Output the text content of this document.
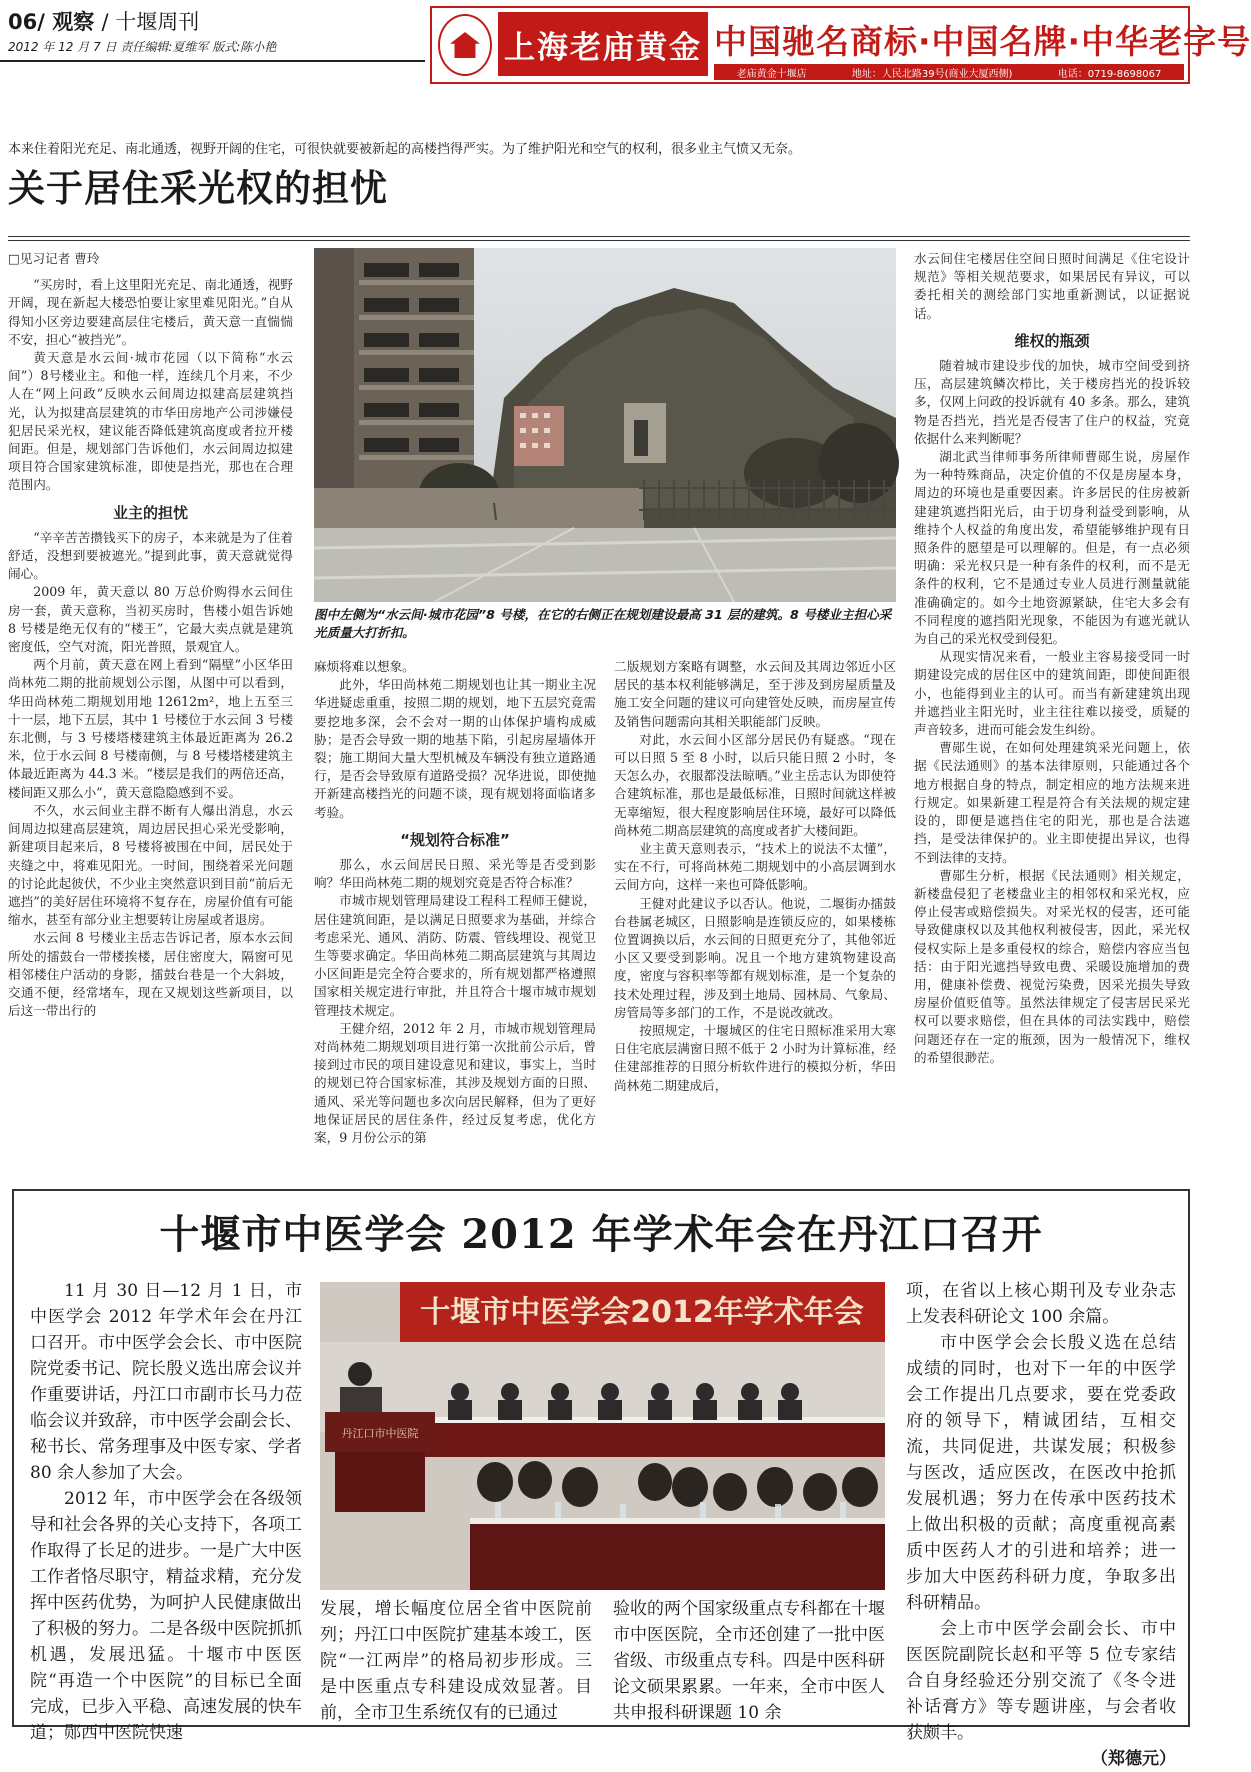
06/ 观察 / 十堰周刊
2012 年 12 月 7 日 责任编辑:夏维军 版式:陈小艳	上海老庙黄金 中国驰名商标·中国名牌·中华老字号
老庙黄金十堰店	地址：人民北路39号(商业大厦西侧)	电话：0719-8698067
本来住着阳光充足、南北通透，视野开阔的住宅，可很快就要被新起的高楼挡得严实。为了维护阳光和空气的权利，很多业主气愤又无奈。
关于居住采光权的担忧
□见习记者 曹玲

“买房时，看上这里阳光充足、南北通透，视野开阔，现在新起大楼恐怕要让家里难见阳光。”自从得知小区旁边要建高层住宅楼后，黄天意一直惴惴不安，担心“被挡光”。

黄天意是水云间·城市花园（以下简称“水云间”）8号楼业主。和他一样，连续几个月来，不少人在“网上问政”反映水云间周边拟建高层建筑挡光，认为拟建高层建筑的市华田房地产公司涉嫌侵犯居民采光权，建议能否降低建筑高度或者拉开楼间距。但是，规划部门告诉他们，水云间周边拟建项目符合国家建筑标准，即使是挡光，那也在合理范围内。

业主的担忧

“辛辛苦苦攒钱买下的房子，本来就是为了住着舒适，没想到要被遮光。”提到此事，黄天意就觉得闹心。

2009 年，黄天意以 80 万总价购得水云间住房一套，黄天意称，当初买房时，售楼小姐告诉她 8 号楼是绝无仅有的“楼王”，它最大卖点就是建筑密度低，空气对流，阳光普照，景观宜人。

两个月前，黄天意在网上看到“隔壁”小区华田尚林苑二期的批前规划公示图，从图中可以看到，华田尚林苑二期规划用地 12612m²，地上五至三十一层，地下五层，其中 1 号楼位于水云间 3 号楼东北侧，与 3 号楼塔楼建筑主体最近距离为 26.2 米，位于水云间 8 号楼南侧，与 8 号楼塔楼建筑主体最近距离为 44.3 米。“楼层是我们的两倍还高，楼间距又那么小”，黄天意隐隐感到不妥。

不久，水云间业主群不断有人爆出消息，水云间周边拟建高层建筑，周边居民担心采光受影响，新建项目起来后，8 号楼将被围在中间，居民处于夹缝之中，将难见阳光。一时间，围绕着采光问题的讨论此起彼伏，不少业主突然意识到目前“前后无遮挡”的美好居住环境将不复存在，房屋价值有可能缩水，甚至有部分业主想要转让房屋或者退房。

水云间 8 号楼业主岳志告诉记者，原本水云间所处的擂鼓台一带楼挨楼，居住密度大，隔窗可见相邻楼住户活动的身影，擂鼓台巷是一个大斜坡，交通不便，经常堵车，现在又规划这些新项目，以后这一带出行的

图中左侧为“水云间·城市花园”8 号楼，在它的右侧正在规划建设最高 31 层的建筑。8 号楼业主担心采光质量大打折扣。

麻烦将难以想象。

此外，华田尚林苑二期规划也让其一期业主况华进疑虑重重，按照二期的规划，地下五层究竟需要挖地多深，会不会对一期的山体保护墙构成威胁；是否会导致一期的地基下陷，引起房屋墙体开裂；施工期间大量大型机械及车辆没有独立道路通行，是否会导致原有道路受损？况华进说，即使抛开新建高楼挡光的问题不谈，现有规划将面临诸多考验。

“规划符合标准”

那么，水云间居民日照、采光等是否受到影响？华田尚林苑二期的规划究竟是否符合标准？

市城市规划管理局建设工程科工程师王健说，居住建筑间距，是以满足日照要求为基础，并综合考虑采光、通风、消防、防震、管线埋设、视觉卫生等要求确定。华田尚林苑二期高层建筑与其周边小区间距是完全符合要求的，所有规划都严格遵照国家相关规定进行审批，并且符合十堰市城市规划管理技术规定。

王健介绍，2012 年 2 月，市城市规划管理局对尚林苑二期规划项目进行第一次批前公示后，曾接到过市民的项目建设意见和建议，事实上，当时的规划已符合国家标准，其涉及规划方面的日照、通风、采光等问题也多次向居民解释，但为了更好地保证居民的居住条件，经过反复考虑，优化方案，9 月份公示的第

二版规划方案略有调整，水云间及其周边邻近小区居民的基本权利能够满足，至于涉及到房屋质量及施工安全问题的建议可向建管处反映，而房屋宣传及销售问题需向其相关职能部门反映。

对此，水云间小区部分居民仍有疑惑。“现在可以日照 5 至 8 小时，以后只能日照 2 小时，冬天怎么办，衣服都没法晾晒。”业主岳志认为即使符合建筑标准，那也是最低标准，日照时间就这样被无辜缩短，很大程度影响居住环境，最好可以降低尚林苑二期高层建筑的高度或者扩大楼间距。

业主黄天意则表示，“技术上的说法不太懂”，实在不行，可将尚林苑二期规划中的小高层调到水云间方向，这样一来也可降低影响。

王健对此建议予以否认。他说，二堰街办擂鼓台巷属老城区，日照影响是连锁反应的，如果楼栋位置调换以后，水云间的日照更充分了，其他邻近小区又要受到影响。况且一个地方建筑物建设高度，密度与容积率等都有规划标准，是一个复杂的技术处理过程，涉及到土地局、园林局、气象局、房管局等多部门的工作，不是说改就改。

按照规定，十堰城区的住宅日照标准采用大寒日住宅底层满窗日照不低于 2 小时为计算标准，经住建部推荐的日照分析软件进行的模拟分析，华田尚林苑二期建成后，

水云间住宅楼居住空间日照时间满足《住宅设计规范》等相关规范要求，如果居民有异议，可以委托相关的测绘部门实地重新测试，以证据说话。

维权的瓶颈

随着城市建设步伐的加快，城市空间受到挤压，高层建筑鳞次栉比，关于楼房挡光的投诉较多，仅网上问政的投诉就有 40 多条。那么，建筑物是否挡光，挡光是否侵害了住户的权益，究竟依据什么来判断呢？

湖北武当律师事务所律师曹郧生说，房屋作为一种特殊商品，决定价值的不仅是房屋本身，周边的环境也是重要因素。许多居民的住房被新建建筑遮挡阳光后，由于切身利益受到影响，从维持个人权益的角度出发，希望能够维护现有日照条件的愿望是可以理解的。但是，有一点必须明确：采光权只是一种有条件的权利，而不是无条件的权利，它不是通过专业人员进行测量就能准确确定的。如今土地资源紧缺，住宅大多会有不同程度的遮挡阳光现象，不能因为有遮光就认为自己的采光权受到侵犯。

从现实情况来看，一般业主容易接受同一时期建设完成的居住区中的建筑间距，即使间距很小，也能得到业主的认可。而当有新建建筑出现并遮挡业主阳光时，业主往往难以接受，质疑的声音较多，进而可能会发生纠纷。

曹郧生说，在如何处理建筑采光问题上，依据《民法通则》的基本法律原则，只能通过各个地方根据自身的特点，制定相应的地方法规来进行规定。如果新建工程是符合有关法规的规定建设的，即便是遮挡住宅的阳光，那也是合法遮挡，是受法律保护的。业主即使提出异议，也得不到法律的支持。

曹郧生分析，根据《民法通则》相关规定，新楼盘侵犯了老楼盘业主的相邻权和采光权，应停止侵害或赔偿损失。对采光权的侵害，还可能导致健康权以及其他权利被侵害，因此，采光权侵权实际上是多重侵权的综合，赔偿内容应当包括：由于阳光遮挡导致电费、采暖设施增加的费用，健康补偿费、视觉污染费，因采光损失导致房屋价值贬值等。虽然法律规定了侵害居民采光权可以要求赔偿，但在具体的司法实践中，赔偿问题还存在一定的瓶颈，因为一般情况下，维权的希望很渺茫。

十堰市中医学会 2012 年学术年会在丹江口召开

11 月 30 日—12 月 1 日，市中医学会 2012 年学术年会在丹江口召开。市中医学会会长、市中医院院党委书记、院长殷义选出席会议并作重要讲话，丹江口市副市长马力莅临会议并致辞，市中医学会副会长、秘书长、常务理事及中医专家、学者 80 余人参加了大会。

2012 年，市中医学会在各级领导和社会各界的关心支持下，各项工作取得了长足的进步。一是广大中医工作者恪尽职守，精益求精，充分发挥中医药优势，为呵护人民健康做出了积极的努力。二是各级中医院抓抓机遇，发展迅猛。十堰市中医医院“再造一个中医院”的目标已全面完成，已步入平稳、高速发展的快车道；郧西中医院快速

十堰市中医学会2012年学术年会
丹江口市中医院

发展，增长幅度位居全省中医院前列；丹江口中医院扩建基本竣工，医院“一江两岸”的格局初步形成。三是中医重点专科建设成效显著。目前，全市卫生系统仅有的已通过

验收的两个国家级重点专科都在十堰市中医医院，全市还创建了一批中医省级、市级重点专科。四是中医科研论文硕果累累。一年来，全市中医人共申报科研课题 10 余

项，在省以上核心期刊及专业杂志上发表科研论文 100 余篇。

市中医学会会长殷义选在总结成绩的同时，也对下一年的中医学会工作提出几点要求，要在党委政府的领导下，精诚团结，互相交流，共同促进，共谋发展；积极参与医改，适应医改，在医改中抢抓发展机遇；努力在传承中医药技术上做出积极的贡献；高度重视高素质中医药人才的引进和培养；进一步加大中医药科研力度，争取多出科研精品。

会上市中医学会副会长、市中医医院副院长赵和平等 5 位专家结合自身经验还分别交流了《冬令进补话膏方》等专题讲座，与会者收获颇丰。

（郑德元）
